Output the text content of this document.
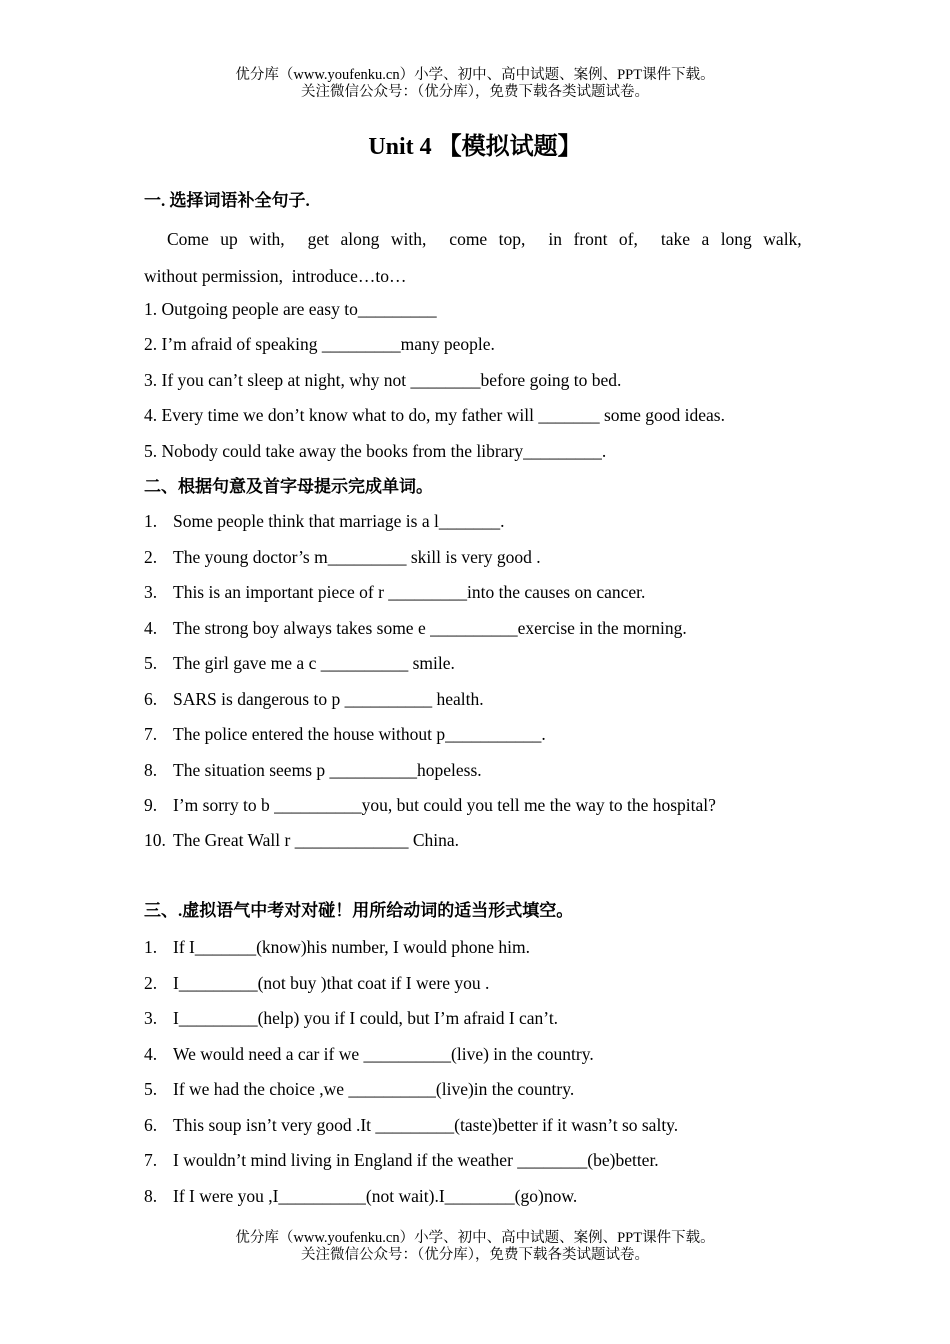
优分库（www.youfenku.cn）小学、初中、高中试题、案例、PPT课件下载。
关注微信公众号：（优分库），免费下载各类试题试卷。
Unit 4 【模拟试题】
一. 选择词语补全句子.
Come up with, get along with, come top, in front of, take a long walk,  without permission, introduce…to…
1. Outgoing people are easy to_________
2. I’m afraid of speaking _________many people.
3. If you can’t sleep at night, why not ________before going to bed.
4. Every time we don’t know what to do, my father will _______ some good ideas.
5. Nobody could take away the books from the library_________.
二、根据句意及首字母提示完成单词。
1. Some people think that marriage is a l_______.
2. The young doctor’s m_________ skill is very good .
3. This is an important piece of r _________into the causes on cancer.
4. The strong boy always takes some e __________exercise in the morning.
5. The girl gave me a c __________ smile.
6. SARS is dangerous to p __________ health.
7. The police entered the house without p___________.
8. The situation seems p __________hopeless.
9. I’m sorry to b __________you, but could you tell me the way to the hospital?
10. The Great Wall r _____________ China.
三、.虚拟语气中考对对碰！用所给动词的适当形式填空。
1. If I_______(know)his number, I would phone him.
2. I_________(not buy )that coat if I were you .
3. I_________(help) you if I could, but I’m afraid I can’t.
4. We would need a car if we __________(live) in the country.
5. If we had the choice ,we __________(live)in the country.
6. This soup isn’t very good .It _________(taste)better if it wasn’t so salty.
7. I wouldn’t mind living in England if the weather ________(be)better.
8. If I were you ,I__________(not wait).I________(go)now.
优分库（www.youfenku.cn）小学、初中、高中试题、案例、PPT课件下载。
关注微信公众号：（优分库），免费下载各类试题试卷。
